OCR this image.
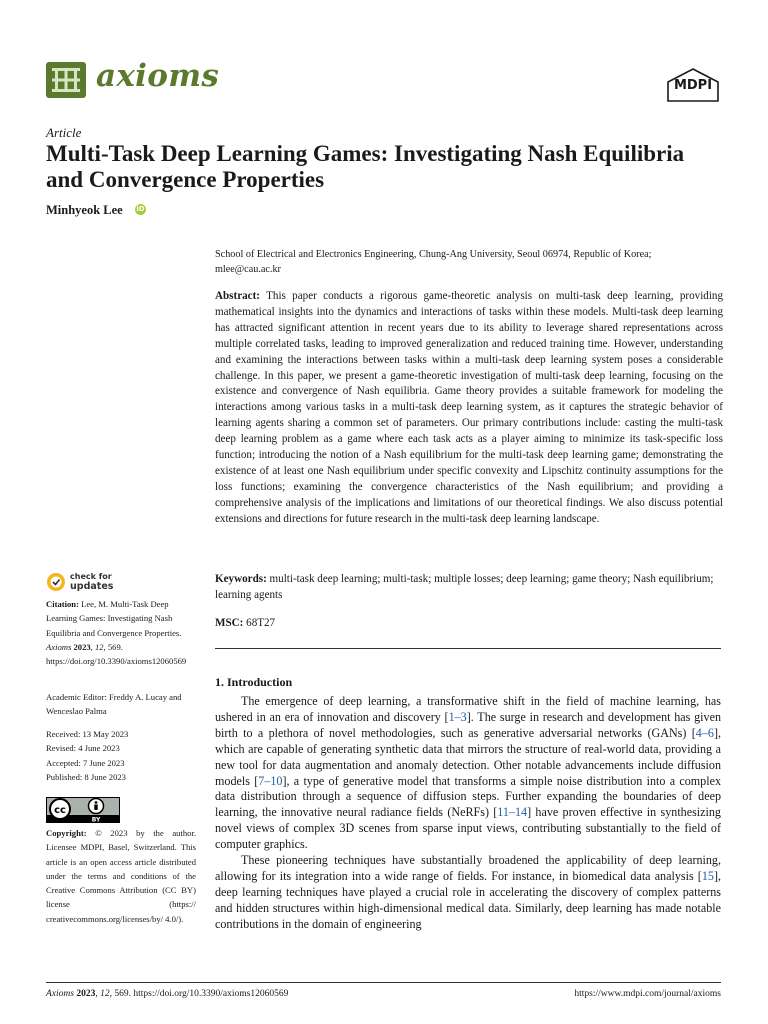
axioms	MDPI
Article
Multi-Task Deep Learning Games: Investigating Nash Equilibria and Convergence Properties
Minhyeok Lee iD
School of Electrical and Electronics Engineering, Chung-Ang University, Seoul 06974, Republic of Korea;
mlee@cau.ac.kr
Abstract: This paper conducts a rigorous game-theoretic analysis on multi-task deep learning, providing mathematical insights into the dynamics and interactions of tasks within these models. Multi-task deep learning has attracted significant attention in recent years due to its ability to leverage shared representations across multiple correlated tasks, leading to improved generalization and reduced training time. However, understanding and examining the interactions between tasks within a multi-task deep learning system poses a considerable challenge. In this paper, we present a game-theoretic investigation of multi-task deep learning, focusing on the existence and convergence of Nash equilibria. Game theory provides a suitable framework for modeling the interactions among various tasks in a multi-task deep learning system, as it captures the strategic behavior of learning agents sharing a common set of parameters. Our primary contributions include: casting the multi-task deep learning problem as a game where each task acts as a player aiming to minimize its task-specific loss function; introducing the notion of a Nash equilibrium for the multi-task deep learning game; demonstrating the existence of at least one Nash equilibrium under specific convexity and Lipschitz continuity assumptions for the loss functions; examining the convergence characteristics of the Nash equilibrium; and providing a comprehensive analysis of the implications and limitations of our theoretical findings. We also discuss potential extensions and directions for future research in the multi-task deep learning landscape.
Keywords: multi-task deep learning; multi-task; multiple losses; deep learning; game theory; Nash equilibrium; learning agents
MSC: 68T27
1. Introduction

The emergence of deep learning, a transformative shift in the field of machine learning, has ushered in an era of innovation and discovery [1–3]. The surge in research and development has given birth to a plethora of novel methodologies, such as generative adversarial networks (GANs) [4–6], which are capable of generating synthetic data that mirrors the structure of real-world data, providing a new tool for data augmentation and anomaly detection. Other notable advancements include diffusion models [7–10], a type of generative model that transforms a simple noise distribution into a complex data distribution through a sequence of diffusion steps. Further expanding the boundaries of deep learning, the innovative neural radiance fields (NeRFs) [11–14] have proven effective in synthesizing novel views of complex 3D scenes from sparse input views, contributing substantially to the field of computer graphics.

These pioneering techniques have substantially broadened the applicability of deep learning, allowing for its integration into a wide range of fields. For instance, in biomedical data analysis [15], deep learning techniques have played a crucial role in accelerating the discovery of complex patterns and hidden structures within high-dimensional medical data. Similarly, deep learning has made notable contributions in the domain of engineering

check for
updates
Citation: Lee, M. Multi-Task Deep Learning Games: Investigating Nash Equilibria and Convergence Properties. Axioms 2023, 12, 569. https://doi.org/10.3390/axioms12060569
Academic Editor: Freddy A. Lucay and Wenceslao Palma
Received: 13 May 2023
Revised: 4 June 2023
Accepted: 7 June 2023
Published: 8 June 2023
cc
BY
Copyright: © 2023 by the author. Licensee MDPI, Basel, Switzerland. This article is an open access article distributed under the terms and conditions of the Creative Commons Attribution (CC BY) license (https:// creativecommons.org/licenses/by/ 4.0/).
Axioms 2023, 12, 569. https://doi.org/10.3390/axioms12060569	https://www.mdpi.com/journal/axioms
